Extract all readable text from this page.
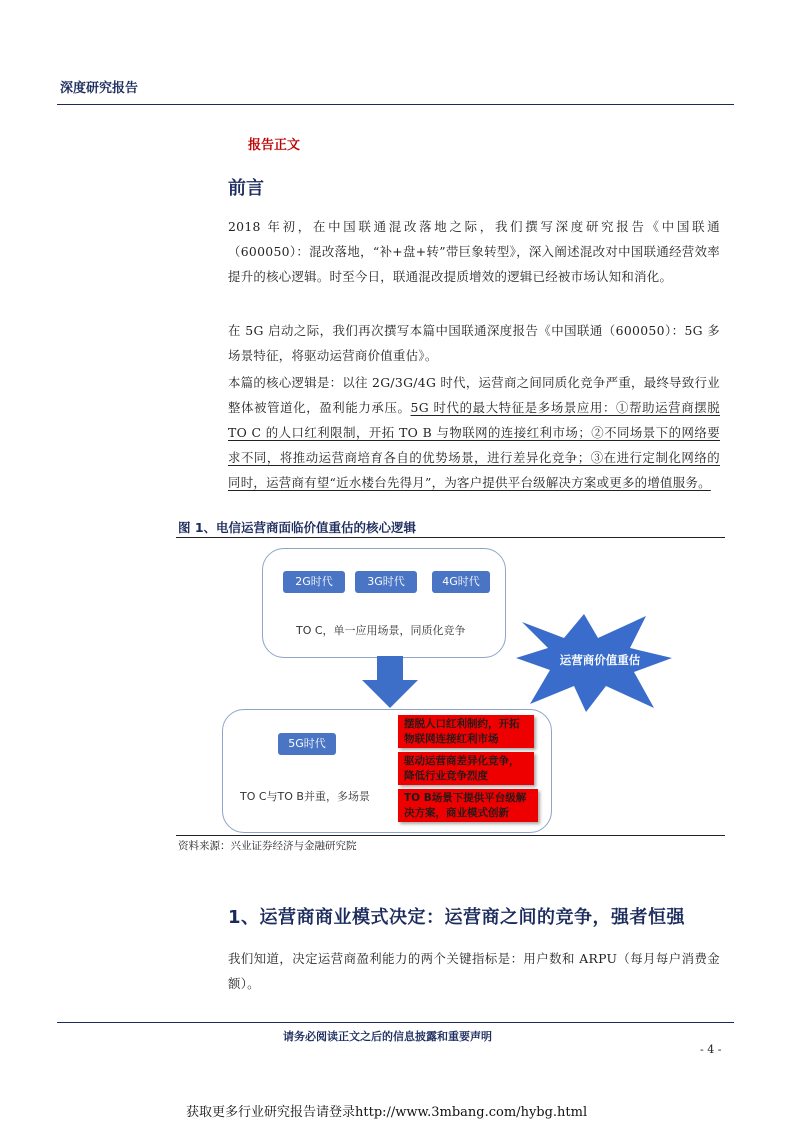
深度研究报告
报告正文
前言
2018 年初，在中国联通混改落地之际，我们撰写深度研究报告《中国联通（600050）：混改落地，“补+盘+转”带巨象转型》，深入阐述混改对中国联通经营效率提升的核心逻辑。时至今日，联通混改提质增效的逻辑已经被市场认知和消化。
在 5G 启动之际，我们再次撰写本篇中国联通深度报告《中国联通（600050）：5G 多场景特征，将驱动运营商价值重估》。
本篇的核心逻辑是：以往 2G/3G/4G 时代，运营商之间同质化竞争严重，最终导致行业整体被管道化，盈利能力承压。5G 时代的最大特征是多场景应用：①帮助运营商摆脱 TO C 的人口红利限制，开拓 TO B 与物联网的连接红利市场；②不同场景下的网络要求不同，将推动运营商培育各自的优势场景，进行差异化竞争；③在进行定制化网络的同时，运营商有望“近水楼台先得月”，为客户提供平台级解决方案或更多的增值服务。
图 1、电信运营商面临价值重估的核心逻辑
2G时代	3G时代	4G时代
TO C，单一应用场景，同质化竞争
运营商价值重估
5G时代
TO C与TO B并重，多场景
摆脱人口红利制约，开拓物联网连接红利市场
驱动运营商差异化竞争，降低行业竞争烈度
TO B场景下提供平台级解决方案，商业模式创新
资料来源：兴业证券经济与金融研究院
1、运营商商业模式决定：运营商之间的竞争，强者恒强
我们知道，决定运营商盈利能力的两个关键指标是：用户数和 ARPU（每月每户消费金额）。
请务必阅读正文之后的信息披露和重要声明
- 4 -
获取更多行业研究报告请登录http://www.3mbang.com/hybg.html
